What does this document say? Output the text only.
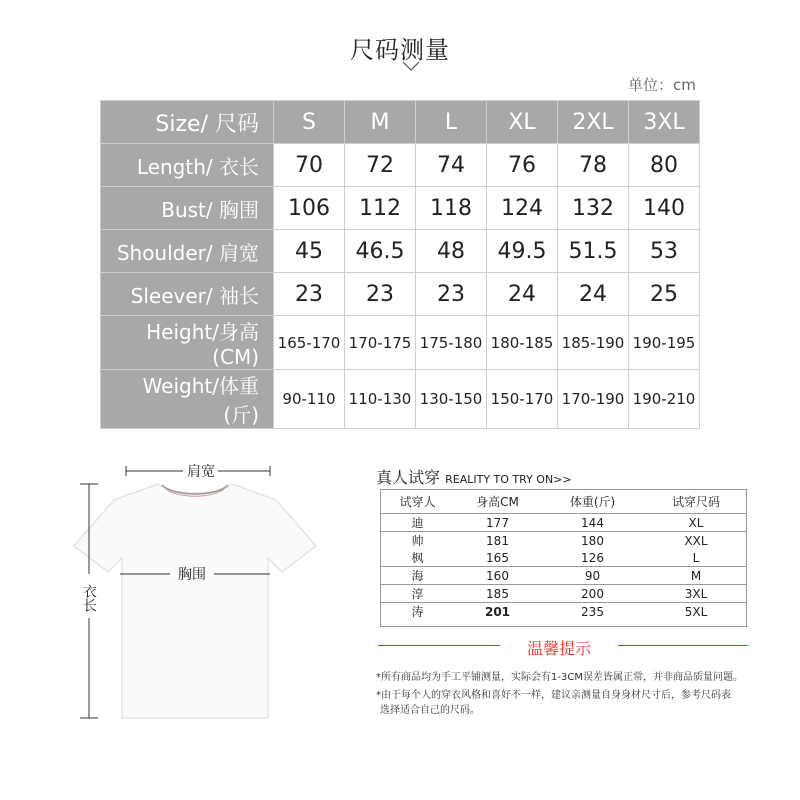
尺码测量
单位：cm
Size/ 尺码	S	M	L	XL	2XL	3XL
Length/ 衣长	70	72	74	76	78	80
Bust/ 胸围	106	112	118	124	132	140
Shoulder/ 肩宽	45	46.5	48	49.5	51.5	53
Sleever/ 袖长	23	23	23	24	24	25
Height/身高(CM)	165-170	170-175	175-180	180-185	185-190	190-195
Weight/体重 (斤)	90-110	110-130	130-150	150-170	170-190	190-210
肩宽
胸围
衣长
真人试穿 REALITY TO TRY ON>>
试穿人	身高CM	体重(斤)	试穿尺码
迪	177	144	XL
帅	181	180	XXL
枫	165	126	L
海	160	90	M
淳	185	200	3XL
涛	201	235	5XL
温馨提示
*所有商品均为手工平铺测量，实际会有1-3CM误差皆属正常，并非商品质量问题。
*由于每个人的穿衣风格和喜好不一样，建议亲测量自身身材尺寸后，参考尺码表
选择适合自己的尺码。
